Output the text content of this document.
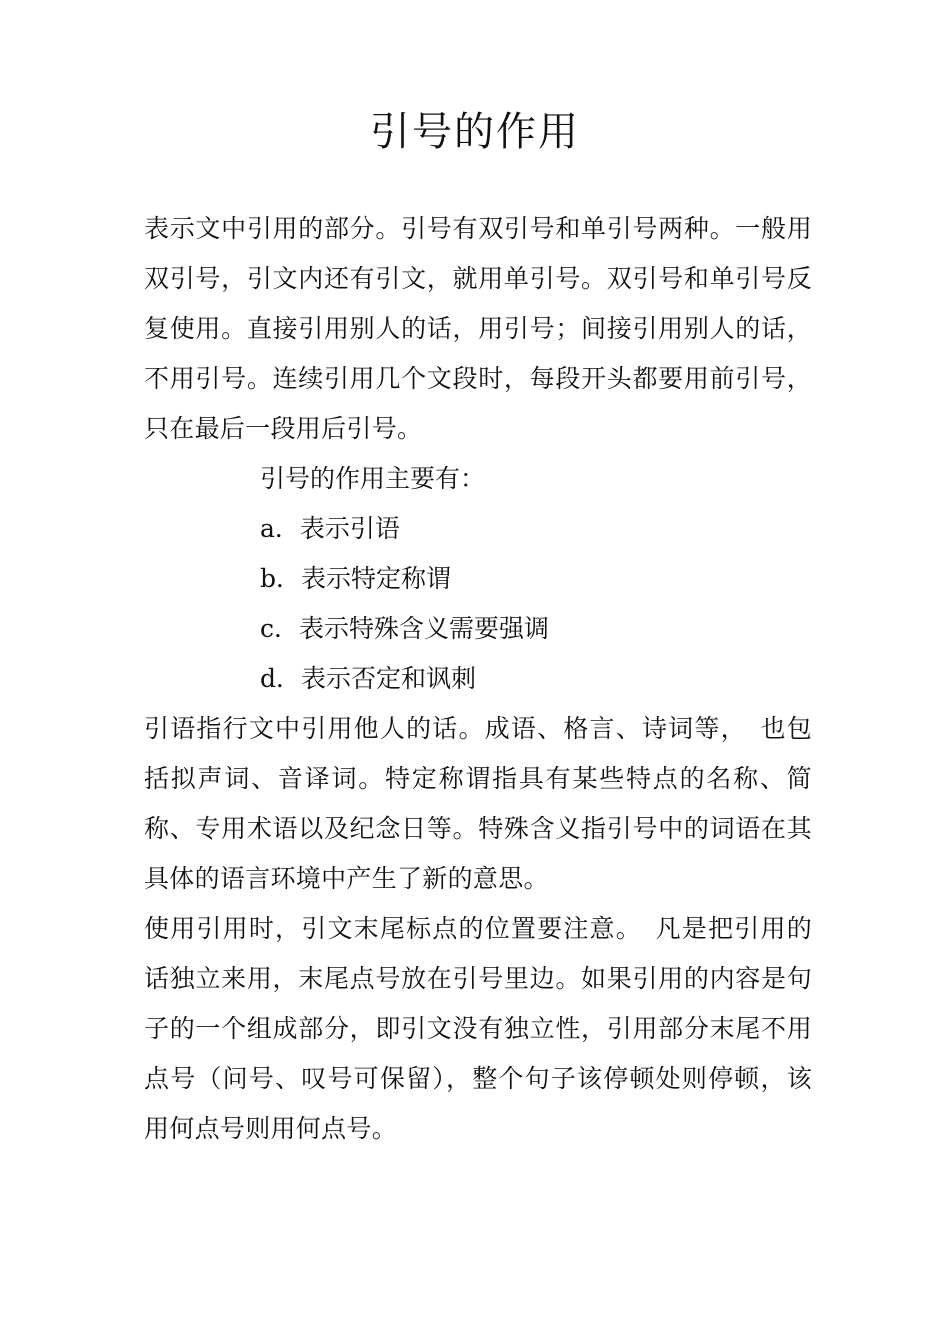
引号的作用

表示文中引用的部分。引号有双引号和单引号两种。一般用双引号，引文内还有引文，就用单引号。双引号和单引号反复使用。直接引用别人的话，用引号；间接引用别人的话，不用引号。连续引用几个文段时，每段开头都要用前引号，只在最后一段用后引号。

引号的作用主要有：

a．表示引语

b．表示特定称谓

c．表示特殊含义需要强调

d．表示否定和讽刺

引语指行文中引用他人的话。成语、格言、诗词等，　也包括拟声词、音译词。特定称谓指具有某些特点的名称、简称、专用术语以及纪念日等。特殊含义指引号中的词语在其具体的语言环境中产生了新的意思。

使用引用时，引文末尾标点的位置要注意。　凡是把引用的话独立来用，末尾点号放在引号里边。如果引用的内容是句子的一个组成部分，即引文没有独立性，引用部分末尾不用点号（问号、叹号可保留），整个句子该停顿处则停顿，该用何点号则用何点号。
